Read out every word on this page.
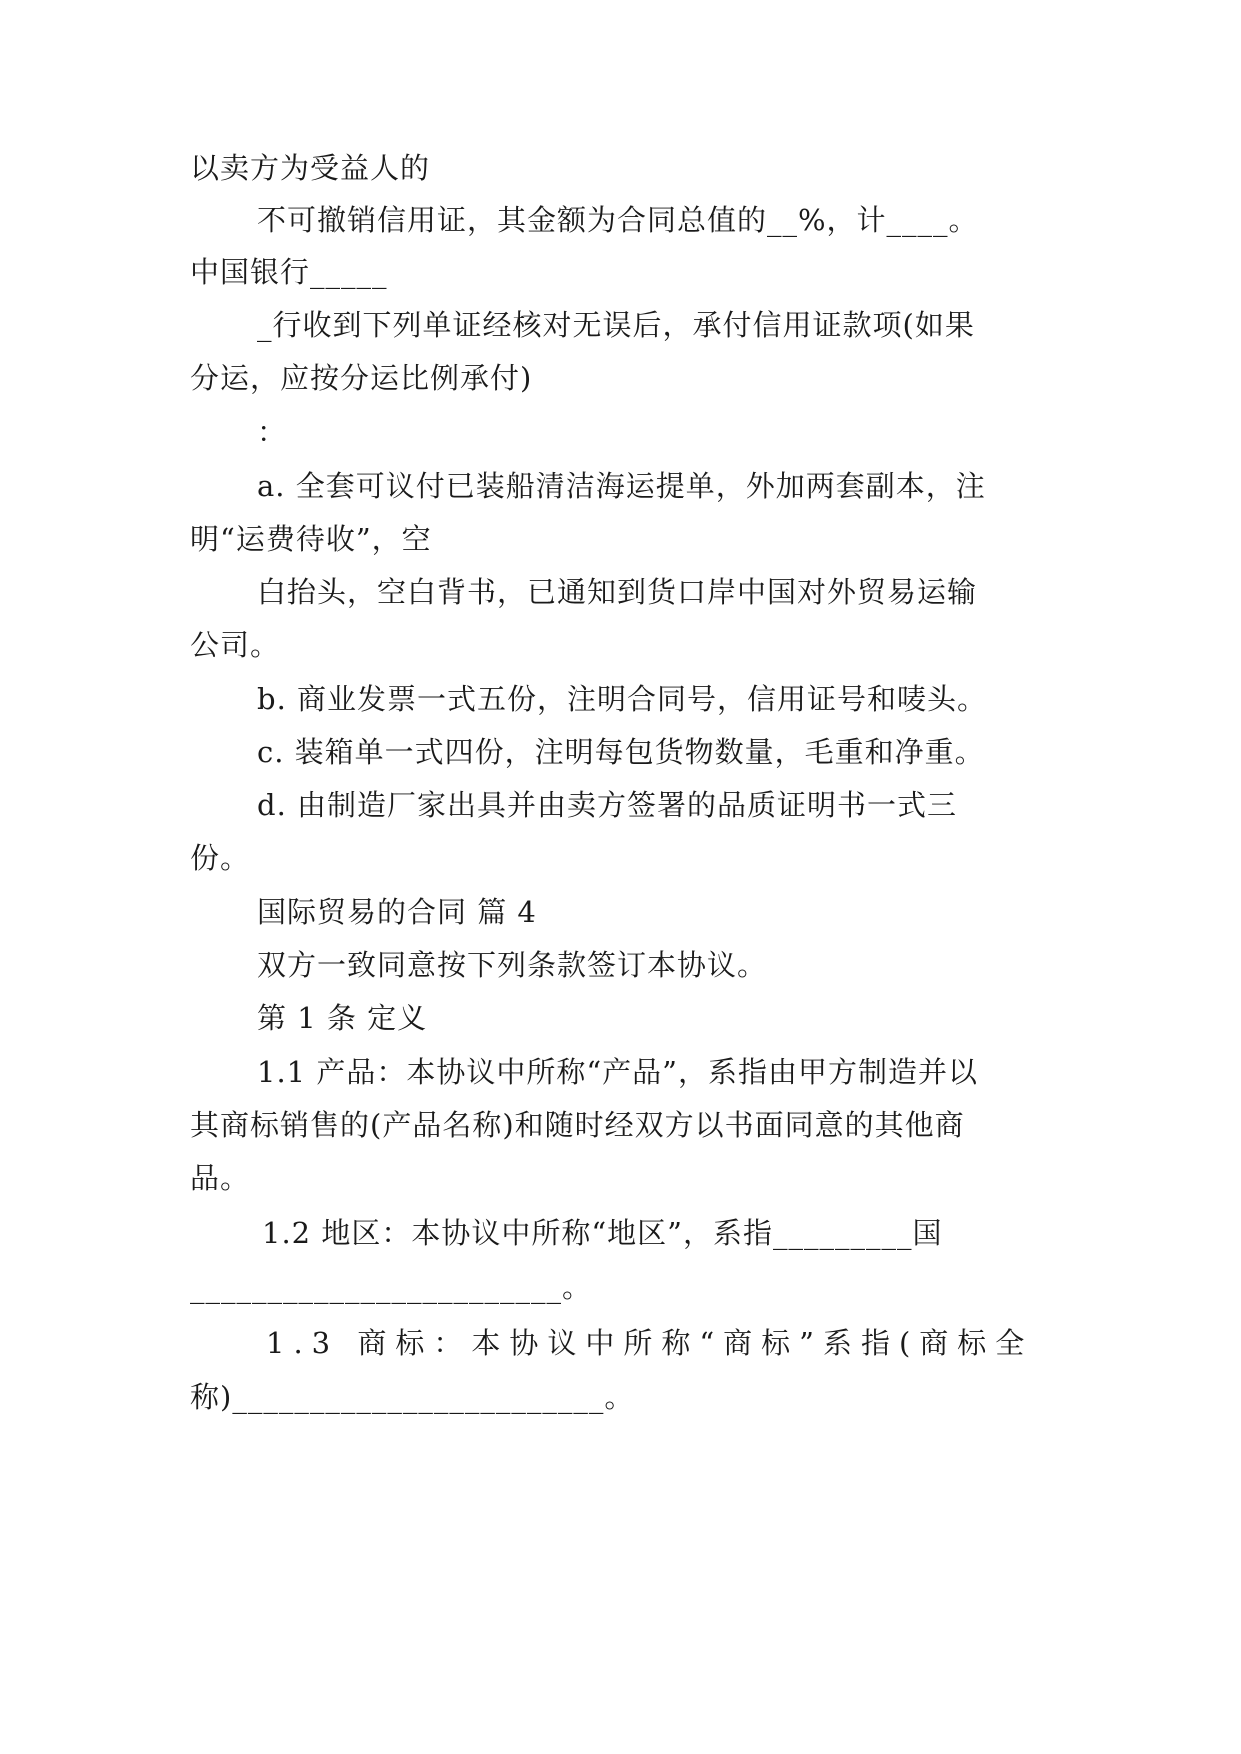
以卖方为受益人的
不可撤销信用证，其金额为合同总值的__%，计____。
中国银行_____
_行收到下列单证经核对无误后，承付信用证款项(如果
分运，应按分运比例承付)
：
a. 全套可议付已装船清洁海运提单，外加两套副本，注
明“运费待收”，空
白抬头，空白背书，已通知到货口岸中国对外贸易运输
公司。
b. 商业发票一式五份，注明合同号，信用证号和唛头。
c. 装箱单一式四份，注明每包货物数量，毛重和净重。
d. 由制造厂家出具并由卖方签署的品质证明书一式三
份。
国际贸易的合同 篇 4
双方一致同意按下列条款签订本协议。
第 1 条 定义
1.1 产品：本协议中所称“产品”，系指由甲方制造并以
其商标销售的(产品名称)和随时经双方以书面同意的其他商
品。
1.2 地区：本协议中所称“地区”，系指_________国
________________________。
1.3 商标：本协议中所称“商标”系指(商标全
称)________________________。
